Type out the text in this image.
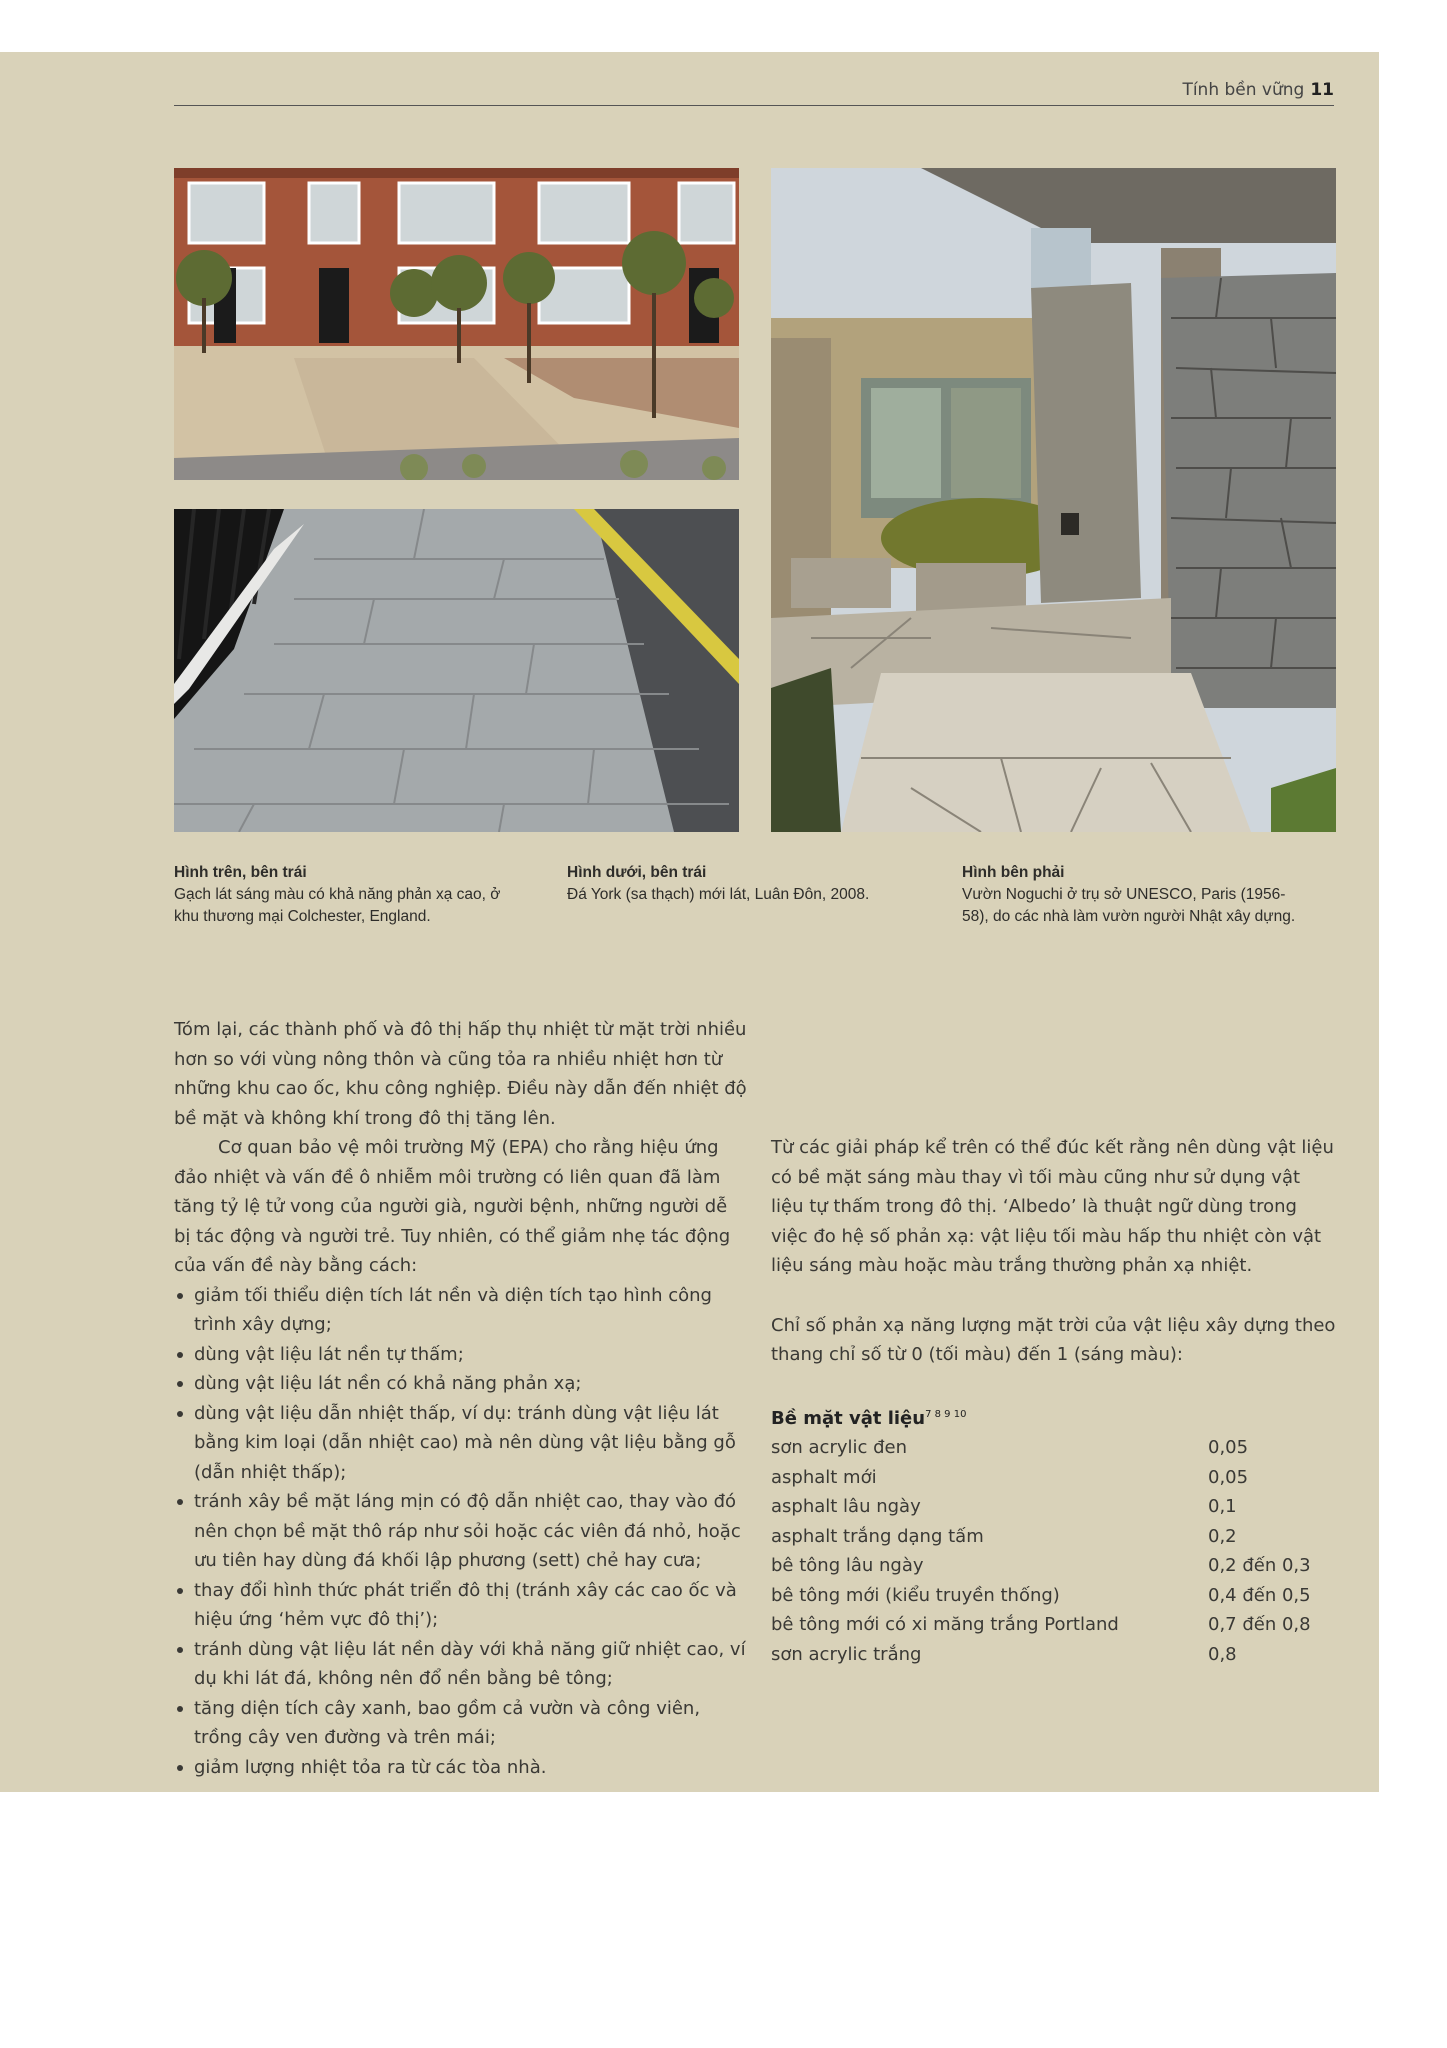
Tính bền vững 11
Hình trên, bên trái
Gạch lát sáng màu có khả năng phản xạ cao, ở
khu thương mại Colchester, England.
Hình dưới, bên trái
Đá York (sa thạch) mới lát, Luân Đôn, 2008.
Hình bên phải
Vườn Noguchi ở trụ sở UNESCO, Paris (1956-
58), do các nhà làm vườn người Nhật xây dựng.

Tóm lại, các thành phố và đô thị hấp thụ nhiệt từ mặt trời nhiều hơn so với vùng nông thôn và cũng tỏa ra nhiều nhiệt hơn từ những khu cao ốc, khu công nghiệp. Điều này dẫn đến nhiệt độ bề mặt và không khí trong đô thị tăng lên.

Cơ quan bảo vệ môi trường Mỹ (EPA) cho rằng hiệu ứng đảo nhiệt và vấn đề ô nhiễm môi trường có liên quan đã làm tăng tỷ lệ tử vong của người già, người bệnh, những người dễ bị tác động và người trẻ. Tuy nhiên, có thể giảm nhẹ tác động của vấn đề này bằng cách:

giảm tối thiểu diện tích lát nền và diện tích tạo hình công trình xây dựng;
dùng vật liệu lát nền tự thấm;
dùng vật liệu lát nền có khả năng phản xạ;
dùng vật liệu dẫn nhiệt thấp, ví dụ: tránh dùng vật liệu lát bằng kim loại (dẫn nhiệt cao) mà nên dùng vật liệu bằng gỗ (dẫn nhiệt thấp);
tránh xây bề mặt láng mịn có độ dẫn nhiệt cao, thay vào đó nên chọn bề mặt thô ráp như sỏi hoặc các viên đá nhỏ, hoặc ưu tiên hay dùng đá khối lập phương (sett) chẻ hay cưa;
thay đổi hình thức phát triển đô thị (tránh xây các cao ốc và hiệu ứng ‘hẻm vực đô thị’);
tránh dùng vật liệu lát nền dày với khả năng giữ nhiệt cao, ví dụ khi lát đá, không nên đổ nền bằng bê tông;
tăng diện tích cây xanh, bao gồm cả vườn và công viên, trồng cây ven đường và trên mái;
giảm lượng nhiệt tỏa ra từ các tòa nhà.

Từ các giải pháp kể trên có thể đúc kết rằng nên dùng vật liệu có bề mặt sáng màu thay vì tối màu cũng như sử dụng vật liệu tự thấm trong đô thị. ‘Albedo’ là thuật ngữ dùng trong việc đo hệ số phản xạ: vật liệu tối màu hấp thu nhiệt còn vật liệu sáng màu hoặc màu trắng thường phản xạ nhiệt.

Chỉ số phản xạ năng lượng mặt trời của vật liệu xây dựng theo thang chỉ số từ 0 (tối màu) đến 1 (sáng màu):

Bề mặt vật liệu$^{7 8 9 10}$
sơn acrylic đen	0,05
asphalt mới	0,05
asphalt lâu ngày	0,1
asphalt trắng dạng tấm	0,2
bê tông lâu ngày	0,2 đến 0,3
bê tông mới (kiểu truyền thống)	0,4 đến 0,5
bê tông mới có xi măng trắng Portland	0,7 đến 0,8
sơn acrylic trắng	0,8
